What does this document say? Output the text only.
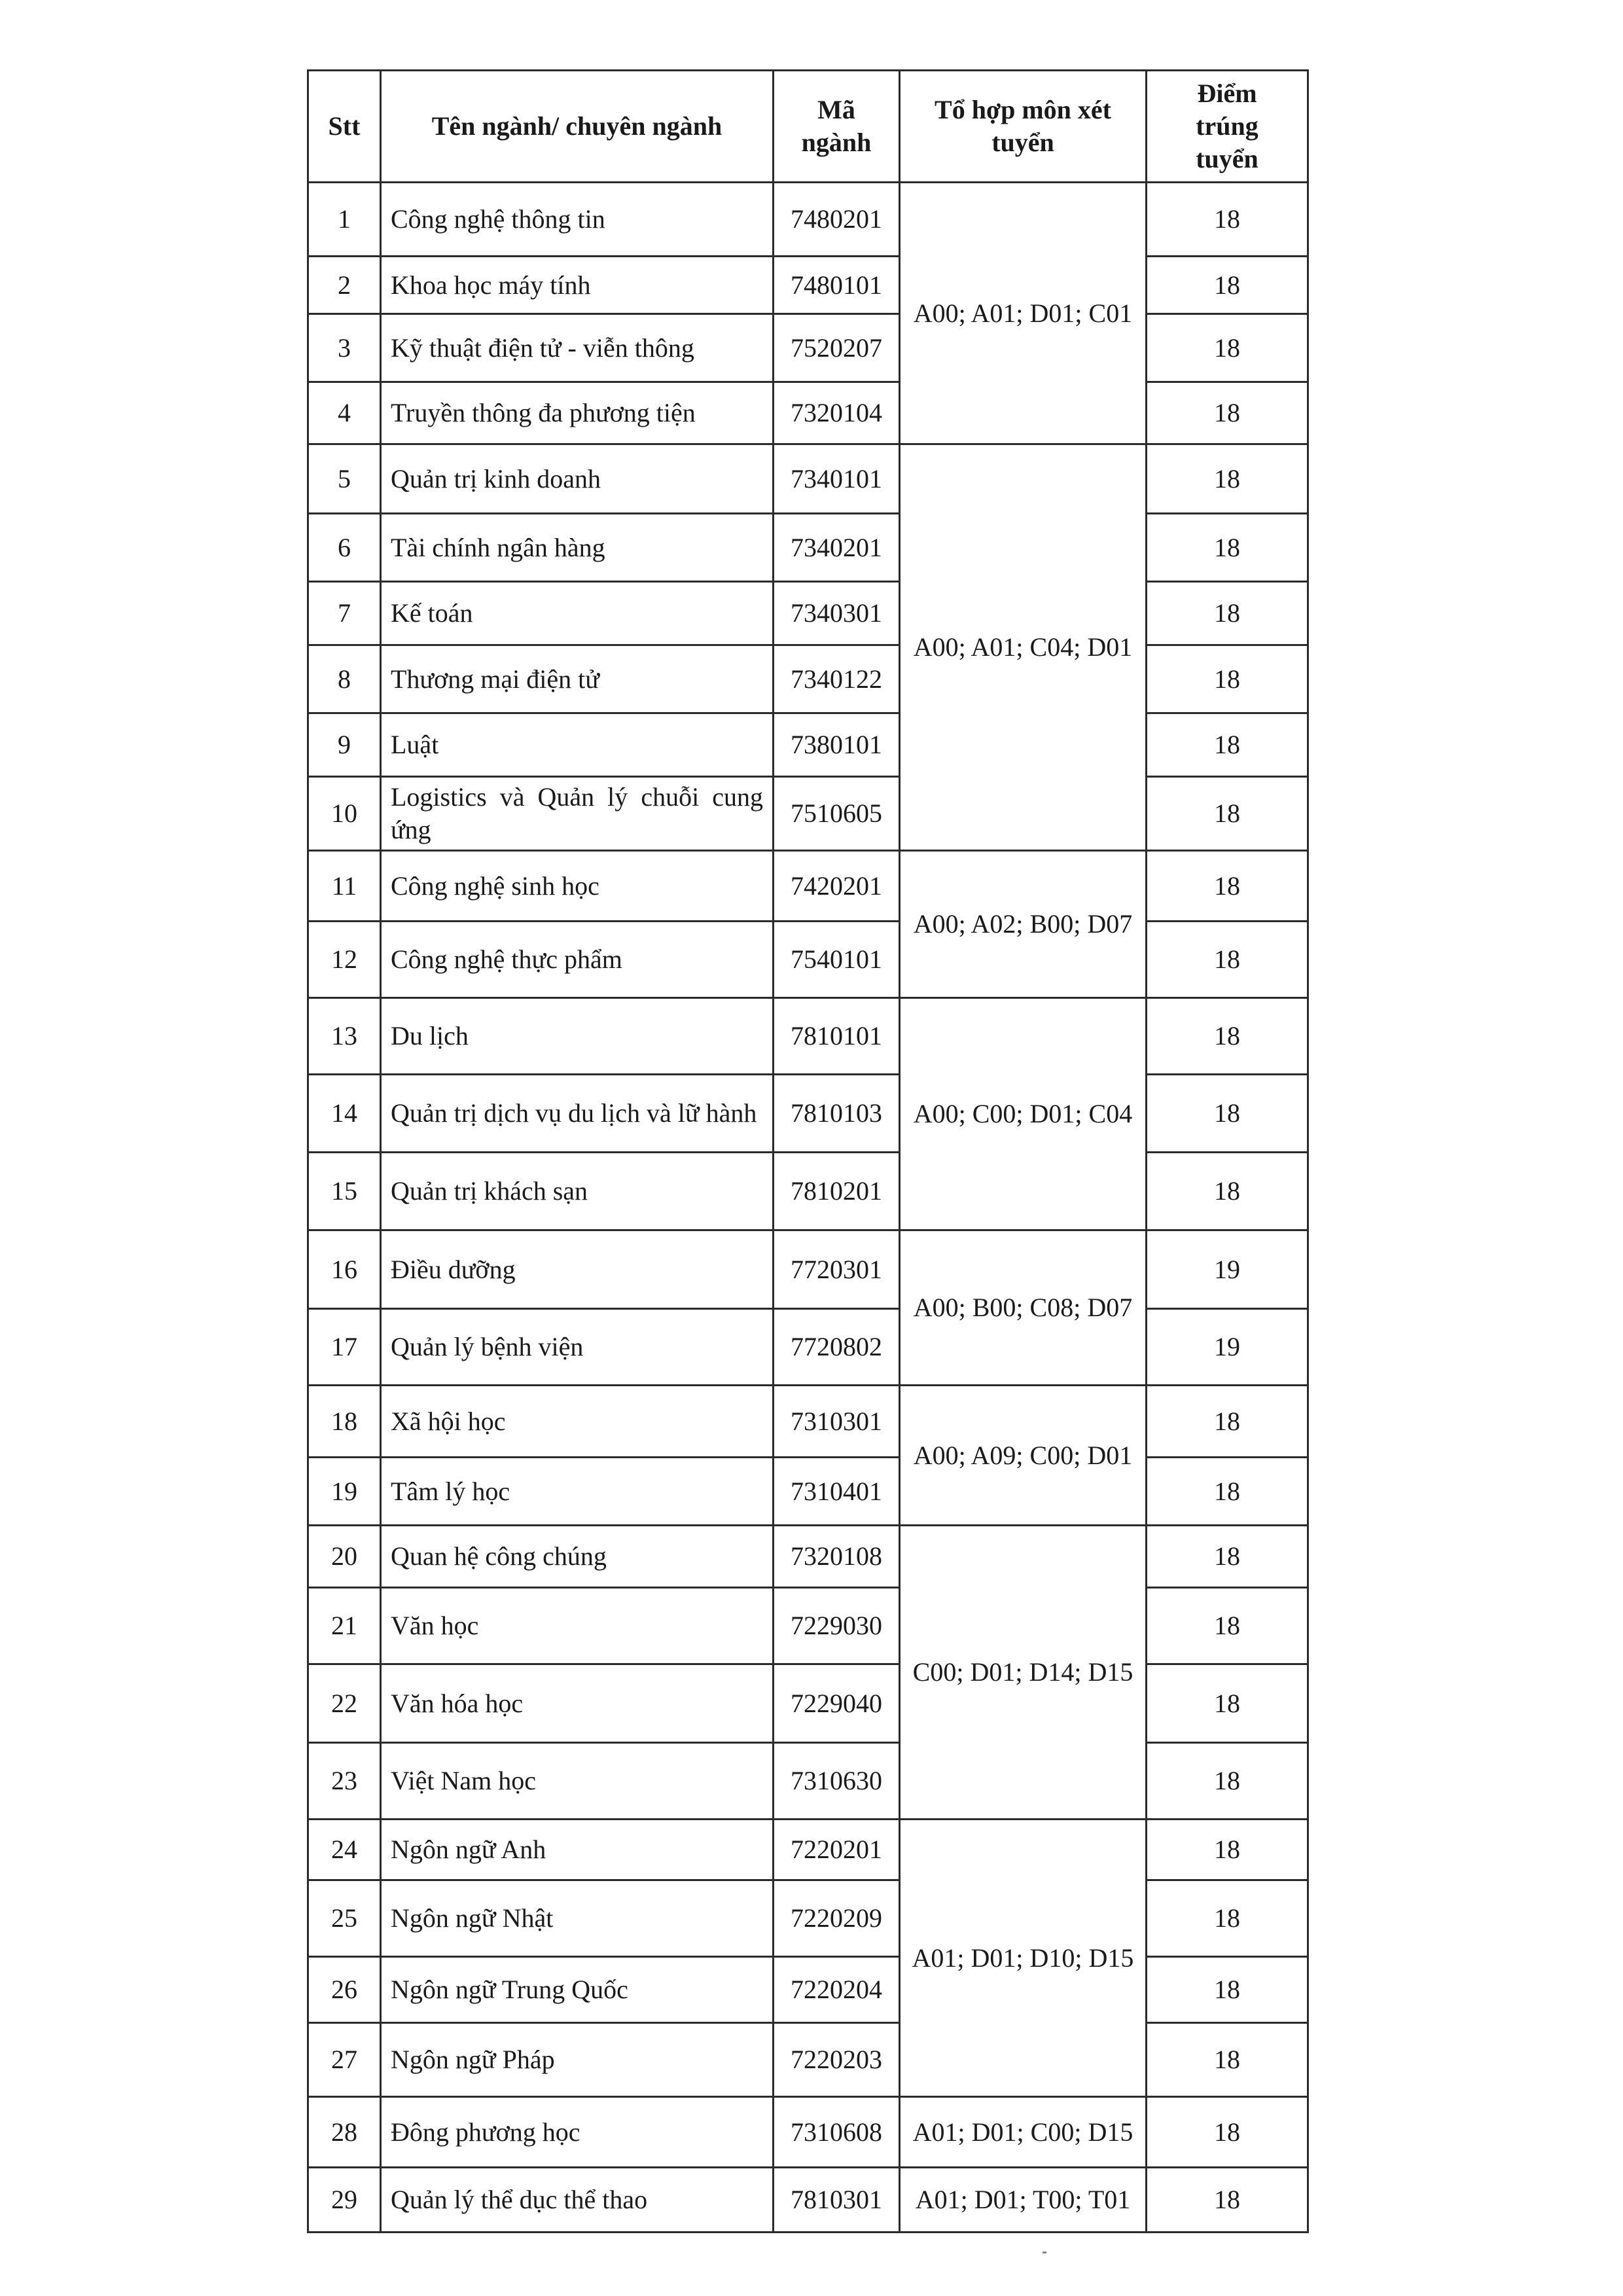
Stt	Tên ngành/ chuyên ngành	Mã ngành	Tổ hợp môn xét tuyển	Điểm trúng tuyển
1	Công nghệ thông tin	7480201	A00; A01; D01; C01	18
2	Khoa học máy tính	7480101		18
3	Kỹ thuật điện tử - viễn thông	7520207		18
4	Truyền thông đa phương tiện	7320104		18
5	Quản trị kinh doanh	7340101	A00; A01; C04; D01	18
6	Tài chính ngân hàng	7340201		18
7	Kế toán	7340301		18
8	Thương mại điện tử	7340122		18
9	Luật	7380101		18
10	Logistics và Quản lý chuỗi cung ứng	7510605		18
11	Công nghệ sinh học	7420201	A00; A02; B00; D07	18
12	Công nghệ thực phẩm	7540101		18
13	Du lịch	7810101	A00; C00; D01; C04	18
14	Quản trị dịch vụ du lịch và lữ hành	7810103		18
15	Quản trị khách sạn	7810201		18
16	Điều dưỡng	7720301	A00; B00; C08; D07	19
17	Quản lý bệnh viện	7720802		19
18	Xã hội học	7310301	A00; A09; C00; D01	18
19	Tâm lý học	7310401		18
20	Quan hệ công chúng	7320108	C00; D01; D14; D15	18
21	Văn học	7229030		18
22	Văn hóa học	7229040		18
23	Việt Nam học	7310630		18
24	Ngôn ngữ Anh	7220201	A01; D01; D10; D15	18
25	Ngôn ngữ Nhật	7220209		18
26	Ngôn ngữ Trung Quốc	7220204		18
27	Ngôn ngữ Pháp	7220203		18
28	Đông phương học	7310608	A01; D01; C00; D15	18
29	Quản lý thể dục thể thao	7810301	A01; D01; T00; T01	18
